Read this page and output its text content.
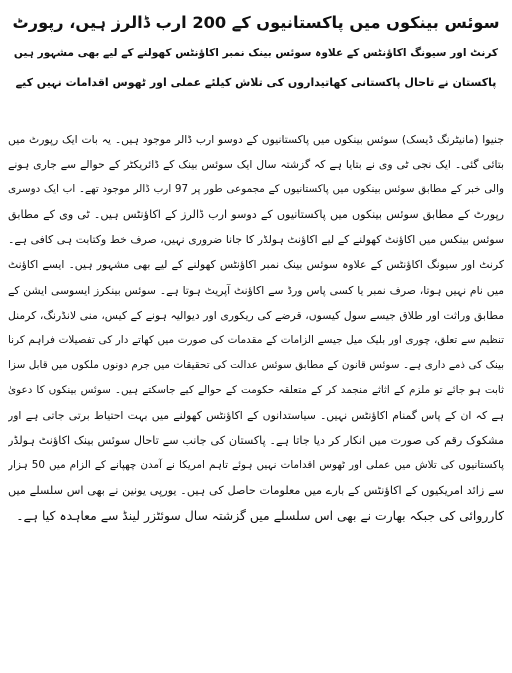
سوئس بینکوں میں پاکستانیوں کے 200 ارب ڈالرز ہیں، رپورٹ

کرنٹ اور سیونگ اکاؤنٹس کے علاوہ سوئس بینک نمبر اکاؤنٹس کھولنے کے لیے بھی مشہور ہیں

پاکستان نے تاحال پاکستانی کھاتیداروں کی تلاش کیلئے عملی اور ٹھوس اقدامات نہیں کیے

جنیوا (مانیٹرنگ ڈیسک) سوئس بینکوں میں پاکستانیوں کے دوسو ارب ڈالر موجود ہیں۔ یہ بات ایک رپورٹ میں
بتائی گئی۔ ایک نجی ٹی وی نے بتایا ہے کہ گزشتہ سال ایک سوئس بینک کے ڈائریکٹر کے حوالے سے جاری ہونے
والی خبر کے مطابق سوئس بینکوں میں پاکستانیوں کے مجموعی طور پر 97 ارب ڈالر موجود تھے۔ اب ایک دوسری
رپورٹ کے مطابق سوئس بینکوں میں پاکستانیوں کے دوسو ارب ڈالرز کے اکاؤنٹس ہیں۔ ٹی وی کے مطابق
سوئس بینکس میں اکاؤنٹ کھولنے کے لیے اکاؤنٹ ہولڈر کا جانا ضروری نہیں، صرف خط وکتابت ہی کافی ہے۔
کرنٹ اور سیونگ اکاؤنٹس کے علاوہ سوئس بینک نمبر اکاؤنٹس کھولنے کے لیے بھی مشہور ہیں۔ ایسے اکاؤنٹ
میں نام نہیں ہوتا، صرف نمبر یا کسی پاس ورڈ سے اکاؤنٹ آپریٹ ہوتا ہے۔ سوئس بینکرز ایسوسی ایشن کے
مطابق وراثت اور طلاق جیسے سول کیسوں، قرضے کی ریکوری اور دیوالیہ ہونے کے کیس، منی لانڈرنگ، کرمنل
تنظیم سے تعلق، چوری اور بلیک میل جیسے الزامات کے مقدمات کی صورت میں کھاتے دار کی تفصیلات فراہم کرنا
بینک کی ذمے داری ہے۔ سوئس قانون کے مطابق سوئس عدالت کی تحقیقات میں جرم دونوں ملکوں میں قابل سزا
ثابت ہو جائے تو ملزم کے اثاثے منجمد کر کے متعلقہ حکومت کے حوالے کیے جاسکتے ہیں۔ سوئس بینکوں کا دعویٰ
ہے کہ ان کے پاس گمنام اکاؤنٹس نہیں۔ سیاستدانوں کے اکاؤنٹس کھولنے میں بہت احتیاط برتی جاتی ہے اور
مشکوک رقم کی صورت میں انکار کر دیا جاتا ہے۔ پاکستان کی جانب سے تاحال سوئس بینک اکاؤنٹ ہولڈر
پاکستانیوں کی تلاش میں عملی اور ٹھوس اقدامات نہیں ہوئے تاہم امریکا نے آمدن چھپانے کے الزام میں 50 ہزار
سے زائد امریکیوں کے اکاؤنٹس کے بارے میں معلومات حاصل کی ہیں۔ یورپی یونین نے بھی اس سلسلے میں
کارروائی کی جبکہ بھارت نے بھی اس سلسلے میں گزشتہ سال سوئٹزر لینڈ سے معاہدہ کیا ہے۔
